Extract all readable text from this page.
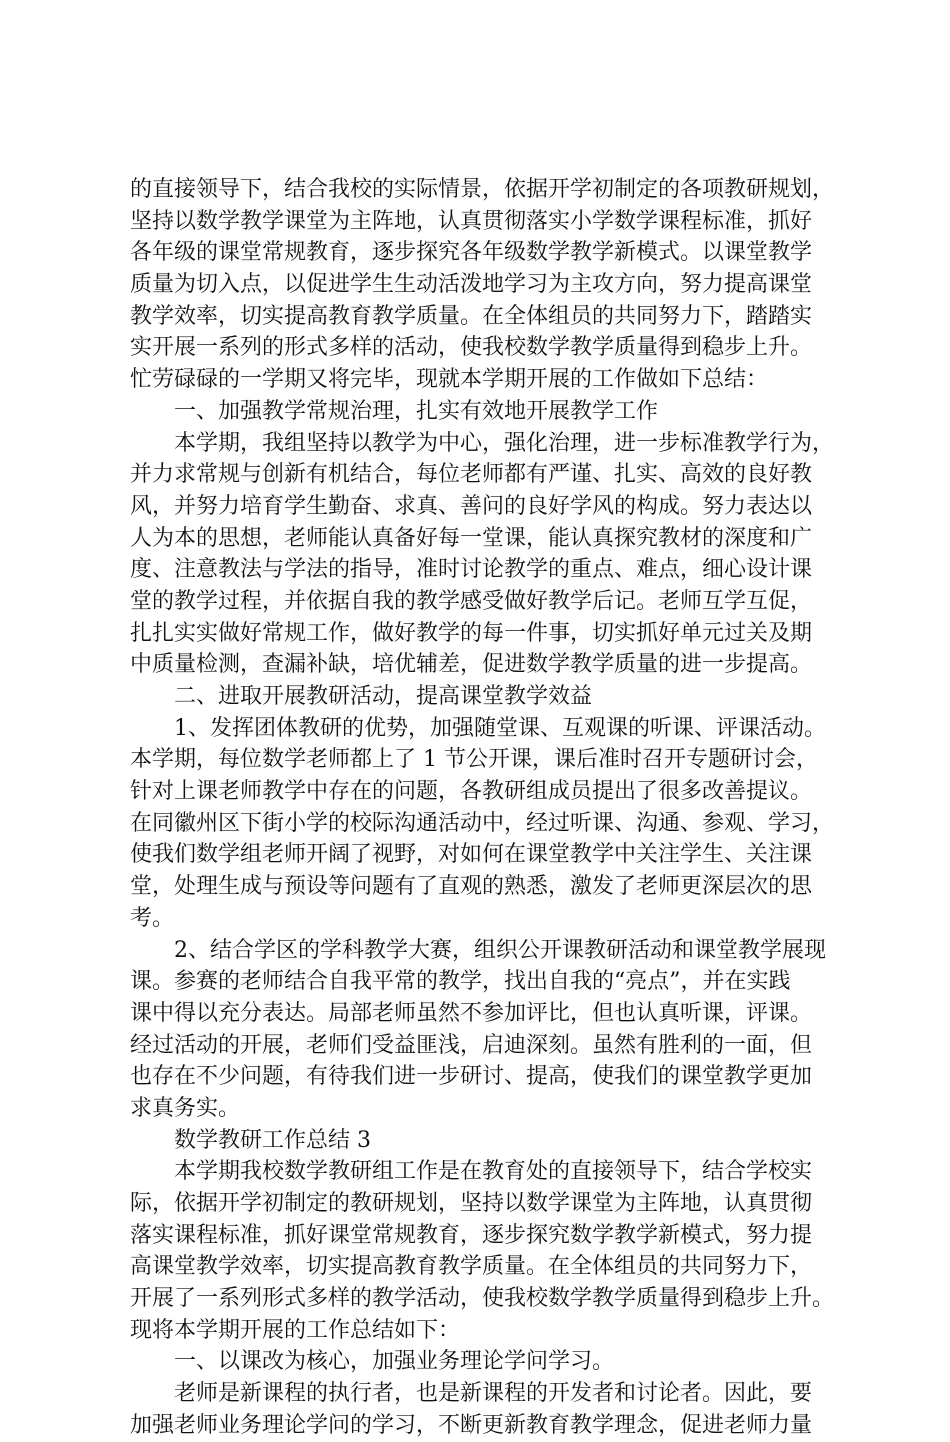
的直接领导下，结合我校的实际情景，依据开学初制定的各项教研规划，
坚持以数学教学课堂为主阵地，认真贯彻落实小学数学课程标准，抓好
各年级的课堂常规教育，逐步探究各年级数学教学新模式。以课堂教学
质量为切入点，以促进学生生动活泼地学习为主攻方向，努力提高课堂
教学效率，切实提高教育教学质量。在全体组员的共同努力下，踏踏实
实开展一系列的形式多样的活动，使我校数学教学质量得到稳步上升。
忙劳碌碌的一学期又将完毕，现就本学期开展的工作做如下总结：
一、加强教学常规治理，扎实有效地开展教学工作
本学期，我组坚持以教学为中心，强化治理，进一步标准教学行为，
并力求常规与创新有机结合，每位老师都有严谨、扎实、高效的良好教
风，并努力培育学生勤奋、求真、善问的良好学风的构成。努力表达以
人为本的思想，老师能认真备好每一堂课，能认真探究教材的深度和广
度、注意教法与学法的指导，准时讨论教学的重点、难点，细心设计课
堂的教学过程，并依据自我的教学感受做好教学后记。老师互学互促，
扎扎实实做好常规工作，做好教学的每一件事，切实抓好单元过关及期
中质量检测，查漏补缺，培优辅差，促进数学教学质量的进一步提高。
二、进取开展教研活动，提高课堂教学效益
1、发挥团体教研的优势，加强随堂课、互观课的听课、评课活动。
本学期，每位数学老师都上了 1 节公开课，课后准时召开专题研讨会，
针对上课老师教学中存在的问题，各教研组成员提出了很多改善提议。
在同徽州区下街小学的校际沟通活动中，经过听课、沟通、参观、学习，
使我们数学组老师开阔了视野，对如何在课堂教学中关注学生、关注课
堂，处理生成与预设等问题有了直观的熟悉，激发了老师更深层次的思
考。
2、结合学区的学科教学大赛，组织公开课教研活动和课堂教学展现
课。参赛的老师结合自我平常的教学，找出自我的“亮点”，并在实践
课中得以充分表达。局部老师虽然不参加评比，但也认真听课，评课。
经过活动的开展，老师们受益匪浅，启迪深刻。虽然有胜利的一面，但
也存在不少问题，有待我们进一步研讨、提高，使我们的课堂教学更加
求真务实。
数学教研工作总结 3
本学期我校数学教研组工作是在教育处的直接领导下，结合学校实
际，依据开学初制定的教研规划，坚持以数学课堂为主阵地，认真贯彻
落实课程标准，抓好课堂常规教育，逐步探究数学教学新模式，努力提
高课堂教学效率，切实提高教育教学质量。在全体组员的共同努力下，
开展了一系列形式多样的教学活动，使我校数学教学质量得到稳步上升。
现将本学期开展的工作总结如下：
一、以课改为核心，加强业务理论学问学习。
老师是新课程的执行者，也是新课程的开发者和讨论者。因此，要
加强老师业务理论学问的学习，不断更新教育教学理念，促进老师力量
